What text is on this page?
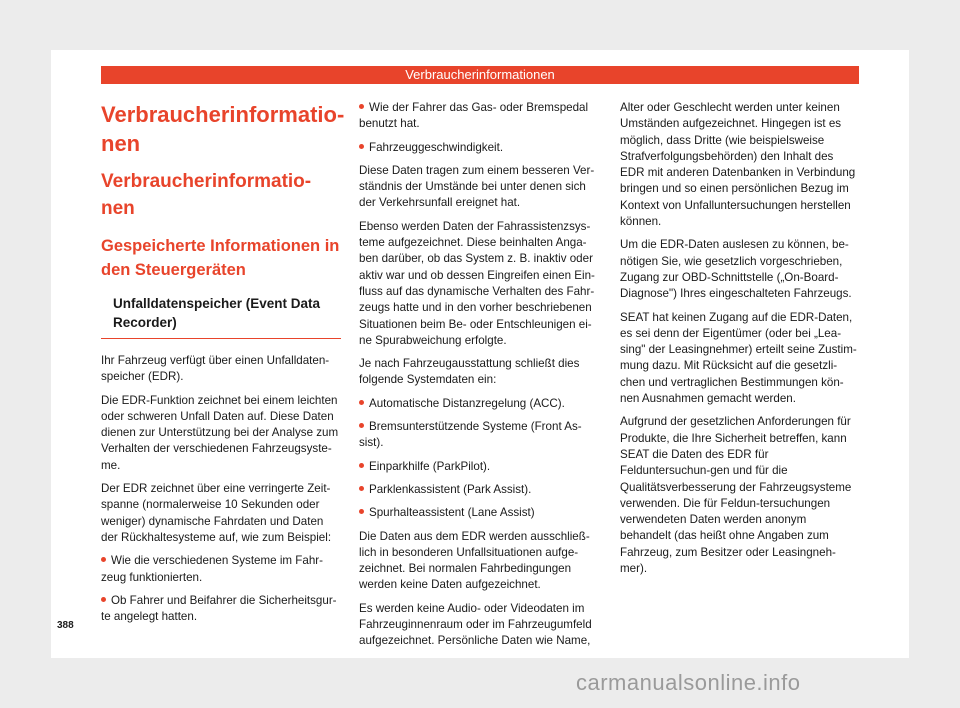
Verbraucherinformationen
Verbraucherinformatio-nen
Verbraucherinformatio-nen
Gespeicherte Informationen in den Steuergeräten
Unfalldatenspeicher (Event Data Recorder)

Ihr Fahrzeug verfügt über einen Unfalldaten-speicher (EDR).

Die EDR-Funktion zeichnet bei einem leichten oder schweren Unfall Daten auf. Diese Daten dienen zur Unterstützung bei der Analyse zum Verhalten der verschiedenen Fahrzeugsyste-me.

Der EDR zeichnet über eine verringerte Zeit-spanne (normalerweise 10 Sekunden oder weniger) dynamische Fahrdaten und Daten der Rückhaltesysteme auf, wie zum Beispiel:

Wie die verschiedenen Systeme im Fahr-zeug funktionierten.

Ob Fahrer und Beifahrer die Sicherheitsgur-te angelegt hatten.

Wie der Fahrer das Gas- oder Bremspedal benutzt hat.

Fahrzeuggeschwindigkeit.

Diese Daten tragen zum einem besseren Ver-ständnis der Umstände bei unter denen sich der Verkehrsunfall ereignet hat.

Ebenso werden Daten der Fahrassistenzsys-teme aufgezeichnet. Diese beinhalten Anga-ben darüber, ob das System z. B. inaktiv oder aktiv war und ob dessen Eingreifen einen Ein-fluss auf das dynamische Verhalten des Fahr-zeugs hatte und in den vorher beschriebenen Situationen beim Be- oder Entschleunigen ei-ne Spurabweichung erfolgte.

Je nach Fahrzeugausstattung schließt dies folgende Systemdaten ein:

Automatische Distanzregelung (ACC).

Bremsunterstützende Systeme (Front As-sist).

Einparkhilfe (ParkPilot).

Parklenkassistent (Park Assist).

Spurhalteassistent (Lane Assist)

Die Daten aus dem EDR werden ausschließ-lich in besonderen Unfallsituationen aufge-zeichnet. Bei normalen Fahrbedingungen werden keine Daten aufgezeichnet.

Es werden keine Audio- oder Videodaten im Fahrzeuginnenraum oder im Fahrzeugumfeld aufgezeichnet. Persönliche Daten wie Name,

Alter oder Geschlecht werden unter keinen Umständen aufgezeichnet. Hingegen ist es möglich, dass Dritte (wie beispielsweise Strafverfolgungsbehörden) den Inhalt des EDR mit anderen Datenbanken in Verbindung bringen und so einen persönlichen Bezug im Kontext von Unfalluntersuchungen herstellen können.

Um die EDR-Daten auslesen zu können, be-nötigen Sie, wie gesetzlich vorgeschrieben, Zugang zur OBD-Schnittstelle („On-Board-Diagnose") Ihres eingeschalteten Fahrzeugs.

SEAT hat keinen Zugang auf die EDR-Daten, es sei denn der Eigentümer (oder bei „Lea-sing" der Leasingnehmer) erteilt seine Zustim-mung dazu. Mit Rücksicht auf die gesetzli-chen und vertraglichen Bestimmungen kön-nen Ausnahmen gemacht werden.

Aufgrund der gesetzlichen Anforderungen für Produkte, die Ihre Sicherheit betreffen, kann SEAT die Daten des EDR für Felduntersuchun-gen und für die Qualitätsverbesserung der Fahrzeugsysteme verwenden. Die für Feldun-tersuchungen verwendeten Daten werden anonym behandelt (das heißt ohne Angaben zum Fahrzeug, zum Besitzer oder Leasingneh-mer).

388
carmanualsonline.info
